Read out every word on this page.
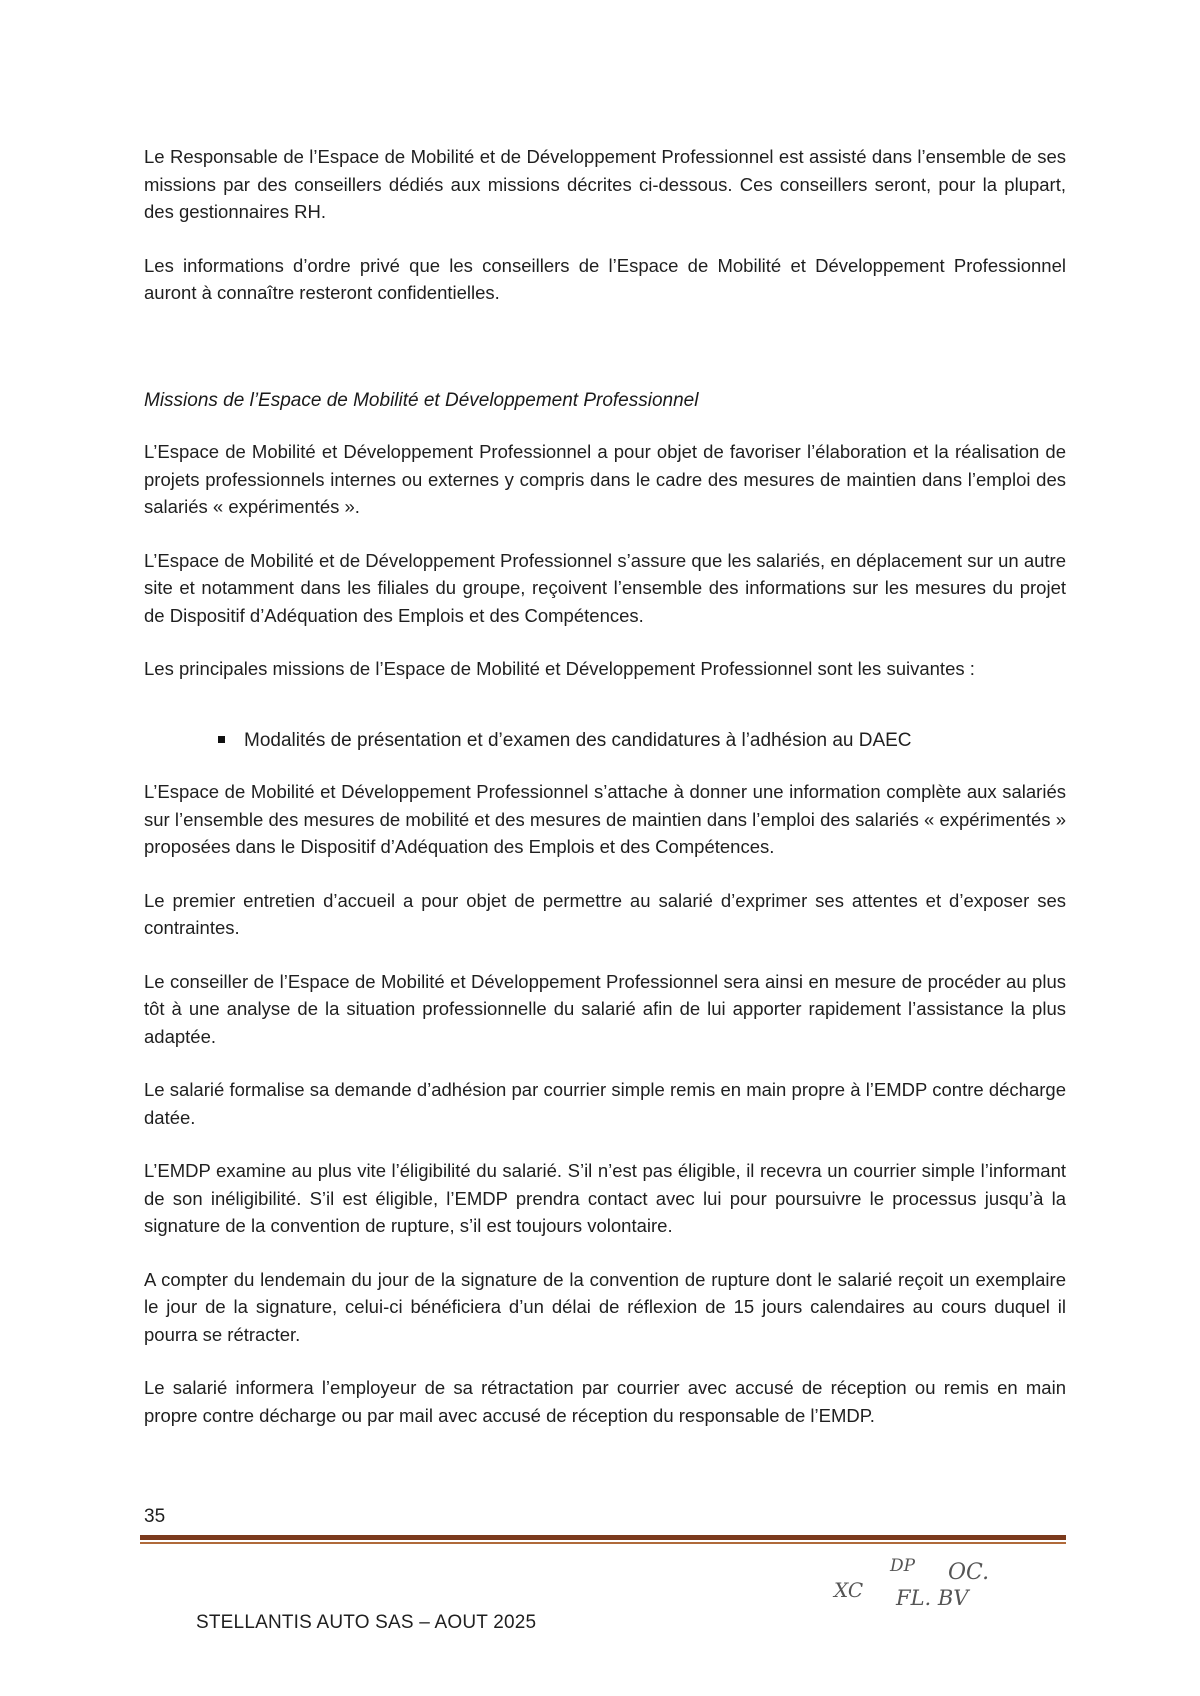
Le Responsable de l’Espace de Mobilité et de Développement Professionnel est assisté dans l’ensemble de ses missions par des conseillers dédiés aux missions décrites ci-dessous. Ces conseillers seront, pour la plupart, des gestionnaires RH.

Les informations d’ordre privé que les conseillers de l’Espace de Mobilité et Développement Professionnel auront à connaître resteront confidentielles.

Missions de l’Espace de Mobilité et Développement Professionnel

L’Espace de Mobilité et Développement Professionnel a pour objet de favoriser l’élaboration et la réalisation de projets professionnels internes ou externes y compris dans le cadre des mesures de maintien dans l’emploi des salariés « expérimentés ».

L’Espace de Mobilité et de Développement Professionnel s’assure que les salariés, en déplacement sur un autre site et notamment dans les filiales du groupe, reçoivent l’ensemble des informations sur les mesures du projet de Dispositif d’Adéquation des Emplois et des Compétences.

Les principales missions de l’Espace de Mobilité et Développement Professionnel sont les suivantes :

Modalités de présentation et d’examen des candidatures à l’adhésion au DAEC

L’Espace de Mobilité et Développement Professionnel s’attache à donner une information complète aux salariés sur l’ensemble des mesures de mobilité et des mesures de maintien dans l’emploi des salariés « expérimentés » proposées dans le Dispositif d’Adéquation des Emplois et des Compétences.

Le premier entretien d’accueil a pour objet de permettre au salarié d’exprimer ses attentes et d’exposer ses contraintes.

Le conseiller de l’Espace de Mobilité et Développement Professionnel sera ainsi en mesure de procéder au plus tôt à une analyse de la situation professionnelle du salarié afin de lui apporter rapidement l’assistance la plus adaptée.

Le salarié formalise sa demande d’adhésion par courrier simple remis en main propre à l’EMDP contre décharge datée.

L’EMDP examine au plus vite l’éligibilité du salarié. S’il n’est pas éligible, il recevra un courrier simple l’informant de son inéligibilité. S’il est éligible, l’EMDP prendra contact avec lui pour poursuivre le processus jusqu’à la signature de la convention de rupture, s’il est toujours volontaire.

A compter du lendemain du jour de la signature de la convention de rupture dont le salarié reçoit un exemplaire le jour de la signature, celui-ci bénéficiera d’un délai de réflexion de 15 jours calendaires au cours duquel il pourra se rétracter.

Le salarié informera l’employeur de sa rétractation par courrier avec accusé de réception ou remis en main propre contre décharge ou par mail avec accusé de réception du responsable de l’EMDP.

35
XC
DP OC.
FL. BV
STELLANTIS AUTO SAS – AOUT 2025
